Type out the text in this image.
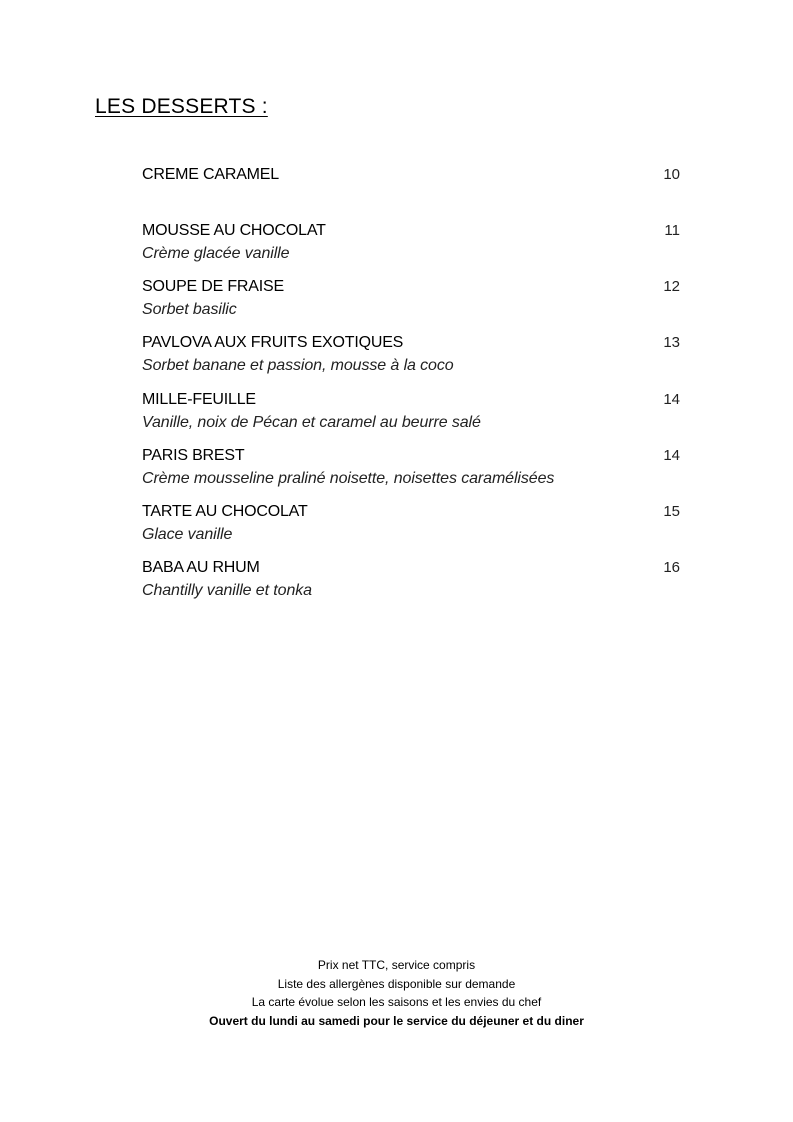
LES DESSERTS :
CREME CARAMEL	10
MOUSSE AU CHOCOLAT	11
Crème glacée vanille
SOUPE DE FRAISE	12
Sorbet basilic
PAVLOVA AUX FRUITS EXOTIQUES	13
Sorbet banane et passion, mousse à la coco
MILLE-FEUILLE	14
Vanille, noix de Pécan et caramel au beurre salé
PARIS BREST	14
Crème mousseline praliné noisette, noisettes caramélisées
TARTE AU CHOCOLAT	15
Glace vanille
BABA AU RHUM	16
Chantilly vanille et tonka
Prix net TTC, service compris
Liste des allergènes disponible sur demande
La carte évolue selon les saisons et les envies du chef
Ouvert du lundi au samedi pour le service du déjeuner et du diner
